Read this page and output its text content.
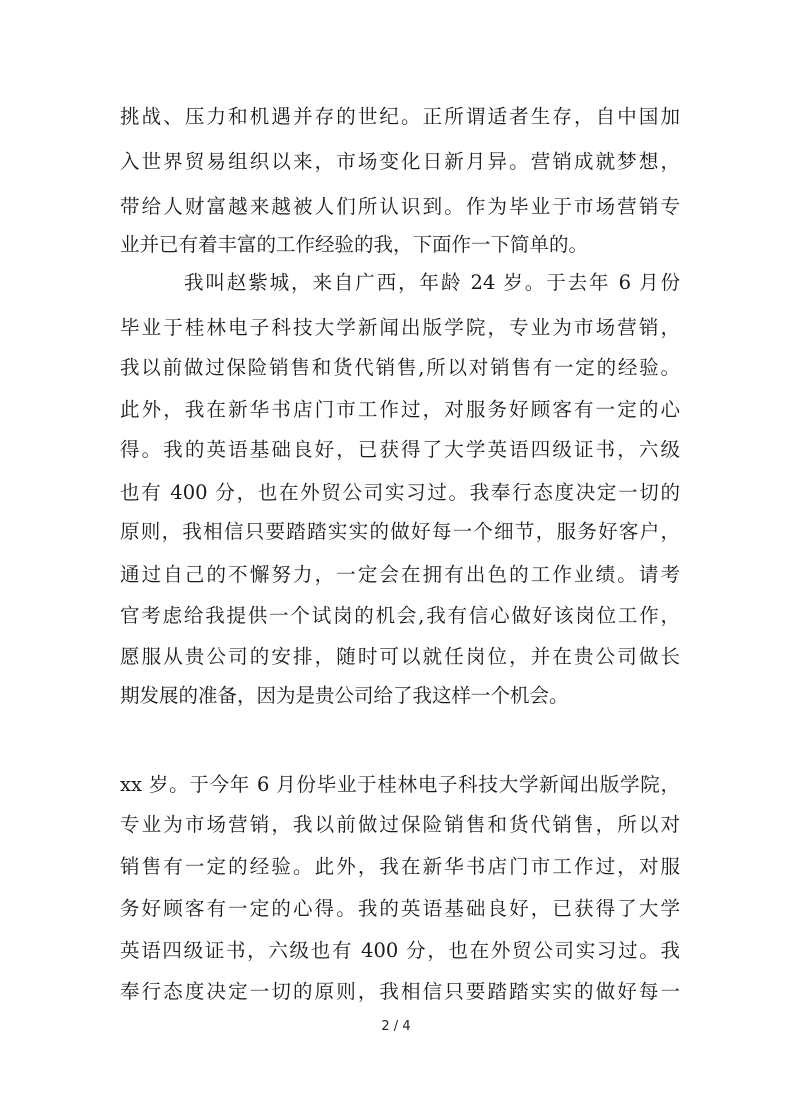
挑战、压力和机遇并存的世纪。正所谓适者生存，自中国加
入世界贸易组织以来，市场变化日新月异。营销成就梦想，
带给人财富越来越被人们所认识到。作为毕业于市场营销专
业并已有着丰富的工作经验的我，下面作一下简单的。
我叫赵紫城，来自广西，年龄 24 岁。于去年 6 月份
毕业于桂林电子科技大学新闻出版学院，专业为市场营销，
我以前做过保险销售和货代销售,所以对销售有一定的经验。
此外，我在新华书店门市工作过，对服务好顾客有一定的心
得。我的英语基础良好，已获得了大学英语四级证书，六级
也有 400 分，也在外贸公司实习过。我奉行态度决定一切的
原则，我相信只要踏踏实实的做好每一个细节，服务好客户，
通过自己的不懈努力，一定会在拥有出色的工作业绩。请考
官考虑给我提供一个试岗的机会,我有信心做好该岗位工作，
愿服从贵公司的安排，随时可以就任岗位，并在贵公司做长
期发展的准备，因为是贵公司给了我这样一个机会。
xx 岁。于今年 6 月份毕业于桂林电子科技大学新闻出版学院，
专业为市场营销，我以前做过保险销售和货代销售，所以对
销售有一定的经验。此外，我在新华书店门市工作过，对服
务好顾客有一定的心得。我的英语基础良好，已获得了大学
英语四级证书，六级也有 400 分，也在外贸公司实习过。我
奉行态度决定一切的原则，我相信只要踏踏实实的做好每一
2 / 4
